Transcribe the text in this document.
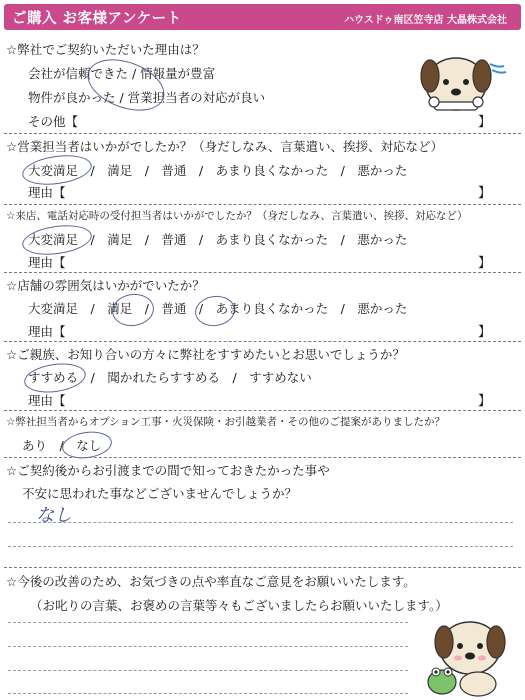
ご購入 お客様アンケート	ハウスドゥ南区笠寺店 大晶株式会社
☆弊社でご契約いただいた理由は？
会社が信頼できた / 情報量が豊富
物件が良かった / 営業担当者の対応が良い
その他【	】
☆営業担当者はいかがでしたか？（身だしなみ、言葉遣い、挨拶、対応など）
大変満足　/　満足　/　普通　/　あまり良くなかった　/　悪かった
理由【	】
☆来店、電話対応時の受付担当者はいかがでしたか？（身だしなみ、言葉遣い、挨拶、対応など）
大変満足　/　満足　/　普通　/　あまり良くなかった　/　悪かった
理由【	】
☆店舗の雰囲気はいかがでいたか？
大変満足　/　満足　/　普通　/　あまり良くなかった　/　悪かった
理由【	】
☆ご親族、お知り合いの方々に弊社をすすめたいとお思いでしょうか？
すすめる　/　聞かれたらすすめる　/　すすめない
理由【	】
☆弊社担当者からオプション工事・火災保険・お引越業者・その他のご提案がありましたか？
あり　/　なし
☆ご契約後からお引渡までの間で知っておきたかった事や
不安に思われた事などございませんでしょうか？
なし
☆今後の改善のため、お気づきの点や率直なご意見をお願いいたします。
（お叱りの言葉、お褒めの言葉等々もございましたらお願いいたします。）
